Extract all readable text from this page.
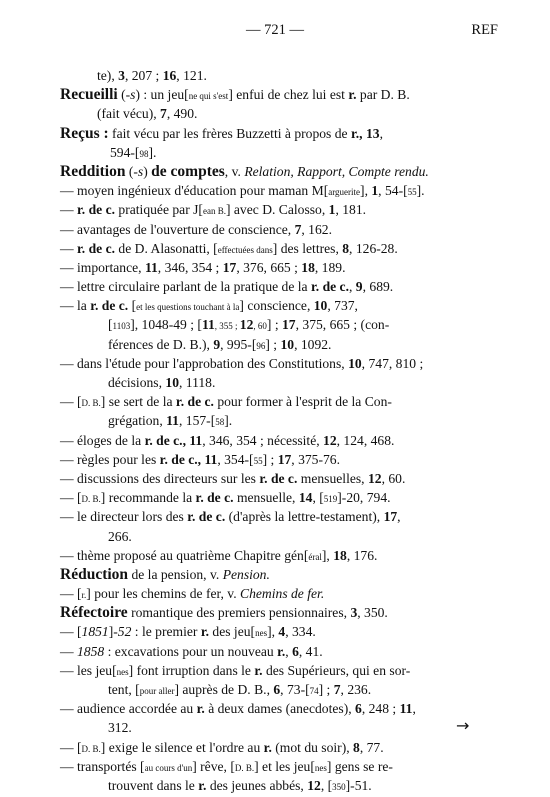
— 721 —	REF
te), 3, 207 ; 16, 121.
Recueilli (-s) : un jeu[ne qui s'est] enfui de chez lui est r. par D. B.
(fait vécu), 7, 490.
Reçus : fait vécu par les frères Buzzetti à propos de r., 13,
594-[98].
Reddition (-s) de comptes, v. Relation, Rapport, Compte rendu.
— moyen ingénieux d'éducation pour maman M[arguerite], 1, 54-[55].
— r. de c. pratiquée par J[ean B.] avec D. Calosso, 1, 181.
— avantages de l'ouverture de conscience, 7, 162.
— r. de c. de D. Alasonatti, [effectuées dans] des lettres, 8, 126-28.
— importance, 11, 346, 354 ; 17, 376, 665 ; 18, 189.
— lettre circulaire parlant de la pratique de la r. de c., 9, 689.
— la r. de c. [et les questions touchant à la] conscience, 10, 737,
[1103], 1048-49 ; [11, 355 ; 12, 60] ; 17, 375, 665 ; (con-
férences de D. B.), 9, 995-[96] ; 10, 1092.
— dans l'étude pour l'approbation des Constitutions, 10, 747, 810 ;
décisions, 10, 1118.
— [D. B.] se sert de la r. de c. pour former à l'esprit de la Con-
grégation, 11, 157-[58].
— éloges de la r. de c., 11, 346, 354 ; nécessité, 12, 124, 468.
— règles pour les r. de c., 11, 354-[55] ; 17, 375-76.
— discussions des directeurs sur les r. de c. mensuelles, 12, 60.
— [D. B.] recommande la r. de c. mensuelle, 14, [519]-20, 794.
— le directeur lors des r. de c. (d'après la lettre-testament), 17,
266.
— thème proposé au quatrième Chapitre gén[éral], 18, 176.
Réduction de la pension, v. Pension.
— [r.] pour les chemins de fer, v. Chemins de fer.
Réfectoire romantique des premiers pensionnaires, 3, 350.
— [1851]-52 : le premier r. des jeu[nes], 4, 334.
— 1858 : excavations pour un nouveau r., 6, 41.
— les jeu[nes] font irruption dans le r. des Supérieurs, qui en sor-
tent, [pour aller] auprès de D. B., 6, 73-[74] ; 7, 236.
— audience accordée au r. à deux dames (anecdotes), 6, 248 ; 11,
312.
— [D. B.] exige le silence et l'ordre au r. (mot du soir), 8, 77.
— transportés [au cours d'un] rêve, [D. B.] et les jeu[nes] gens se re-
trouvent dans le r. des jeunes abbés, 12, [350]-51.
→
